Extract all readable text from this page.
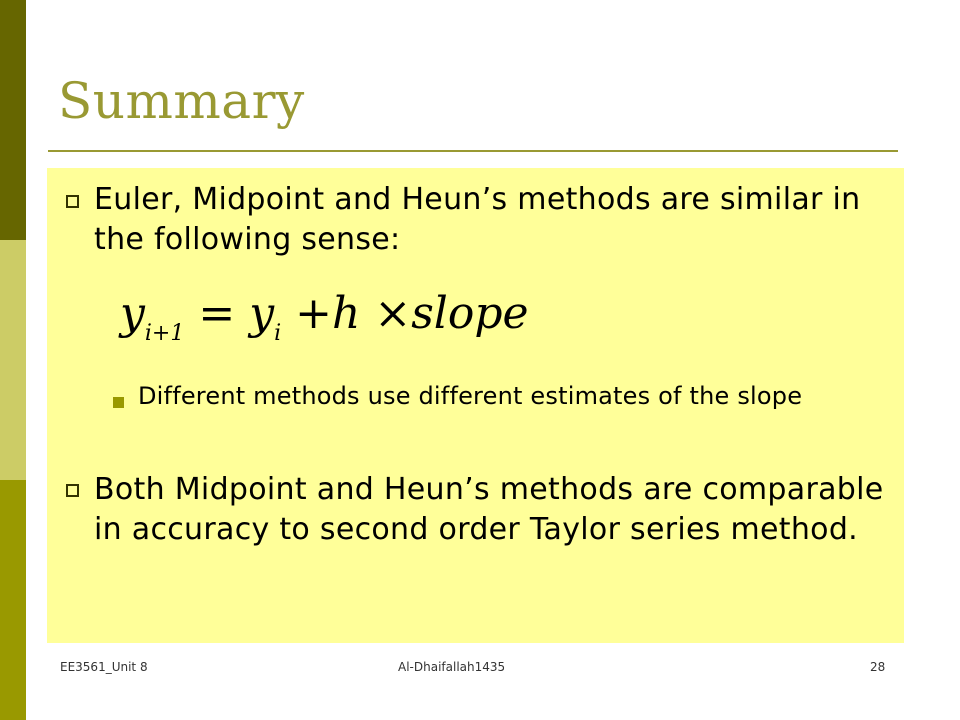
Summary
Euler, Midpoint and Heun’s methods are similar in the following sense:
$y_{i+1} = y_i +h$ ×slope
Different methods use different estimates of the slope
Both Midpoint and Heun’s methods are comparable in accuracy to second order Taylor series method.
EE3561_Unit 8	Al-Dhaifallah1435	28
